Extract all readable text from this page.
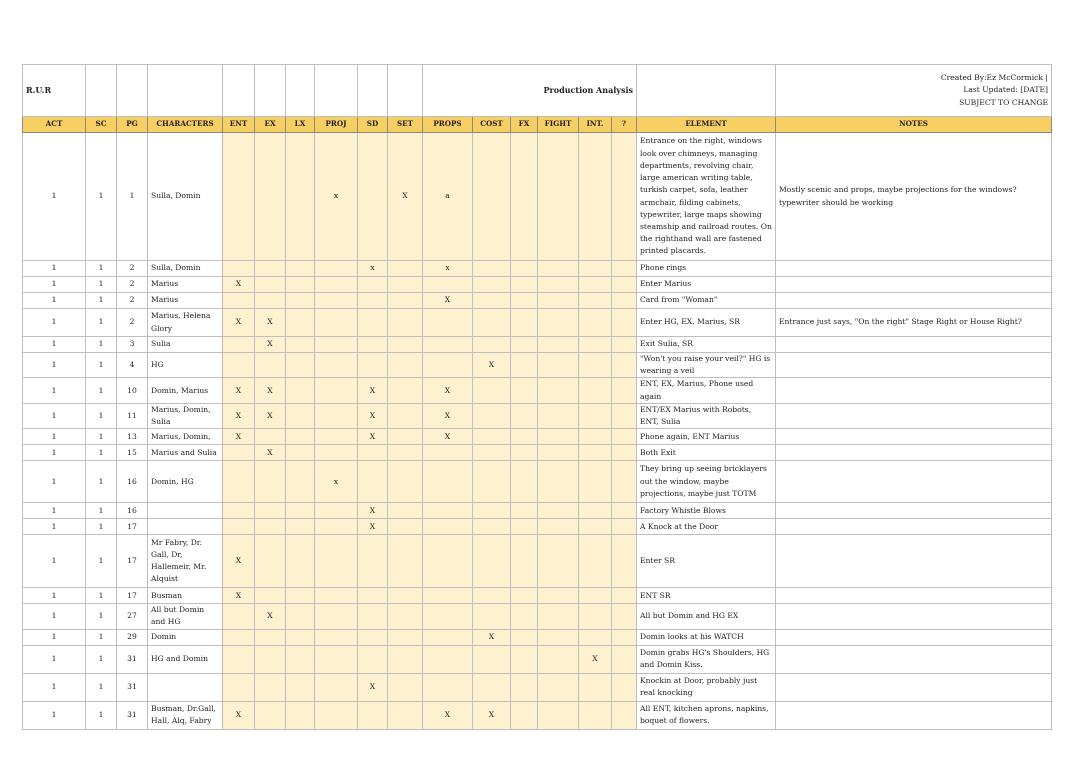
R.U.R										Production Analysis							Created By:Ez McCormick |
Last Updated: [DATE]
SUBJECT TO CHANGE

ACT	SC	PG	CHARACTERS	ENT	EX	LX	PROJ	SD	SET	PROPS	COST	FX	FIGHT	INT.	?	ELEMENT	NOTES
1	1	1	Sulla, Domin				x		X	a						Entrance on the right, windows look over chimneys, managing departments, revolving chair, large american writing table, turkish carpet, sofa, leather armchair, filding cabinets, typewriter, large maps showing steamship and railroad routes. On the righthand wall are fastened printed placards.	Mostly scenic and props, maybe projections for the windows? typewriter should be working
1	1	2	Sulla, Domin					x		x						Phone rings	
1	1	2	Marius	X												Enter Marius	
1	1	2	Marius							X						Card from "Woman"	
1	1	2	Marius, Helena Glory	X	X											Enter HG, EX, Marius, SR	Entrance just says, "On the right" Stage Right or House Right?
1	1	3	Sulia		X											Exit Sulia, SR	
1	1	4	HG								X					"Won't you raise your veil?" HG is wearing a veil	
1	1	10	Domin, Marius	X	X			X		X						ENT, EX, Marius, Phone used again	
1	1	11	Marius, Domin, Sulia	X	X			X		X						ENT/EX Marius with Robots, ENT, Sulia	
1	1	13	Marius, Domin,	X				X		X						Phone again, ENT Marius	
1	1	15	Marius and Sulia		X											Both Exit	
1	1	16	Domin, HG				x									They bring up seeing bricklayers out the window, maybe projections, maybe just TOTM	
1	1	16						X								Factory Whistle Blows	
1	1	17						X								A Knock at the Door	
1	1	17	Mr Fabry, Dr. Gall, Dr, Hallemeir, Mr. Alquist	X												Enter SR	
1	1	17	Busman	X												ENT SR	
1	1	27	All but Domin and HG		X											All but Domin and HG EX	
1	1	29	Domin								X					Domin looks at his WATCH	
1	1	31	HG and Domin											X		Domin grabs HG's Shoulders, HG and Domin Kiss.	
1	1	31						X								Knockin at Door, probably just real knocking	
1	1	31	Busman, Dr.Gall, Hall, Alq, Fabry	X						X	X					All ENT, kitchen aprons, napkins, boquet of flowers.	
